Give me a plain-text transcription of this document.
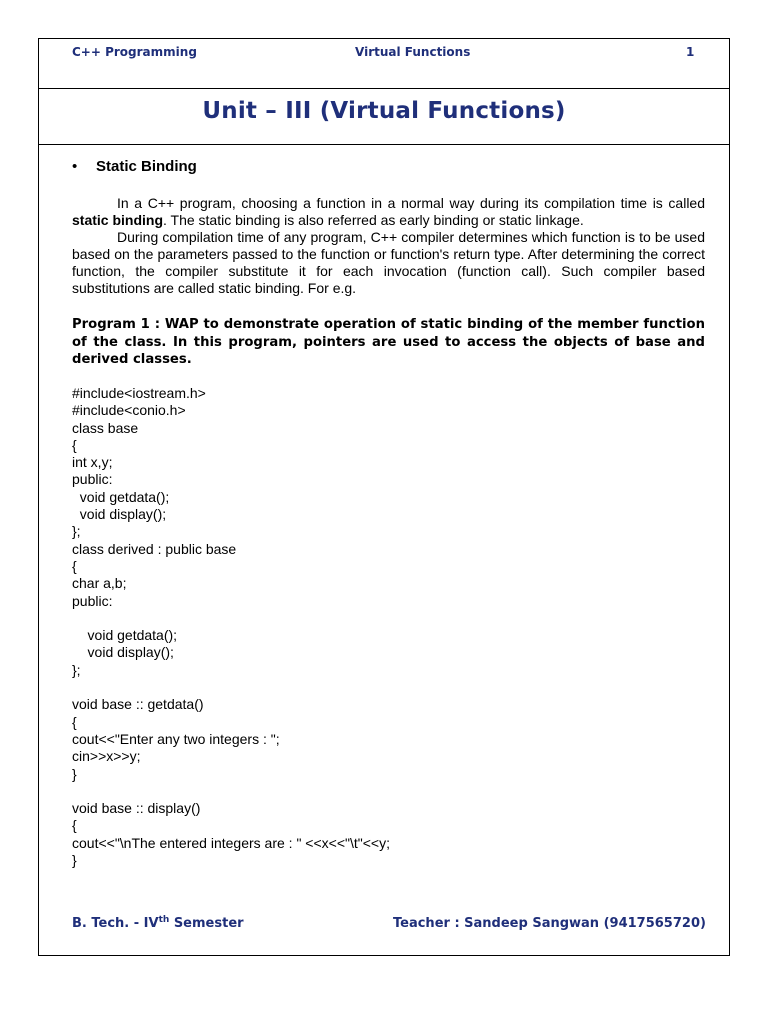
C++ Programming	Virtual Functions	1
Unit – III (Virtual Functions)
• Static Binding

In a C++ program, choosing a function in a normal way during its compilation time is called static binding. The static binding is also referred as early binding or static linkage.

During compilation time of any program, C++ compiler determines which function is to be used based on the parameters passed to the function or function's return type. After determining the correct function, the compiler substitute it for each invocation (function call). Such compiler based substitutions are called static binding. For e.g.

Program 1 : WAP to demonstrate operation of static binding of the member function of the class. In this program, pointers are used to access the objects of base and derived classes.
#include<iostream.h>
#include<conio.h>
class base
{
int x,y;
public:
void getdata();
void display();
};
class derived : public base
{
char a,b;
public:
void getdata();
void display();
};
void base :: getdata()
{
cout<<"Enter any two integers : ";
cin>>x>>y;
}
void base :: display()
{
cout<<"\nThe entered integers are : " <<x<<"\t"<<y;
}
B. Tech. - IVth Semester	Teacher : Sandeep Sangwan (9417565720)
